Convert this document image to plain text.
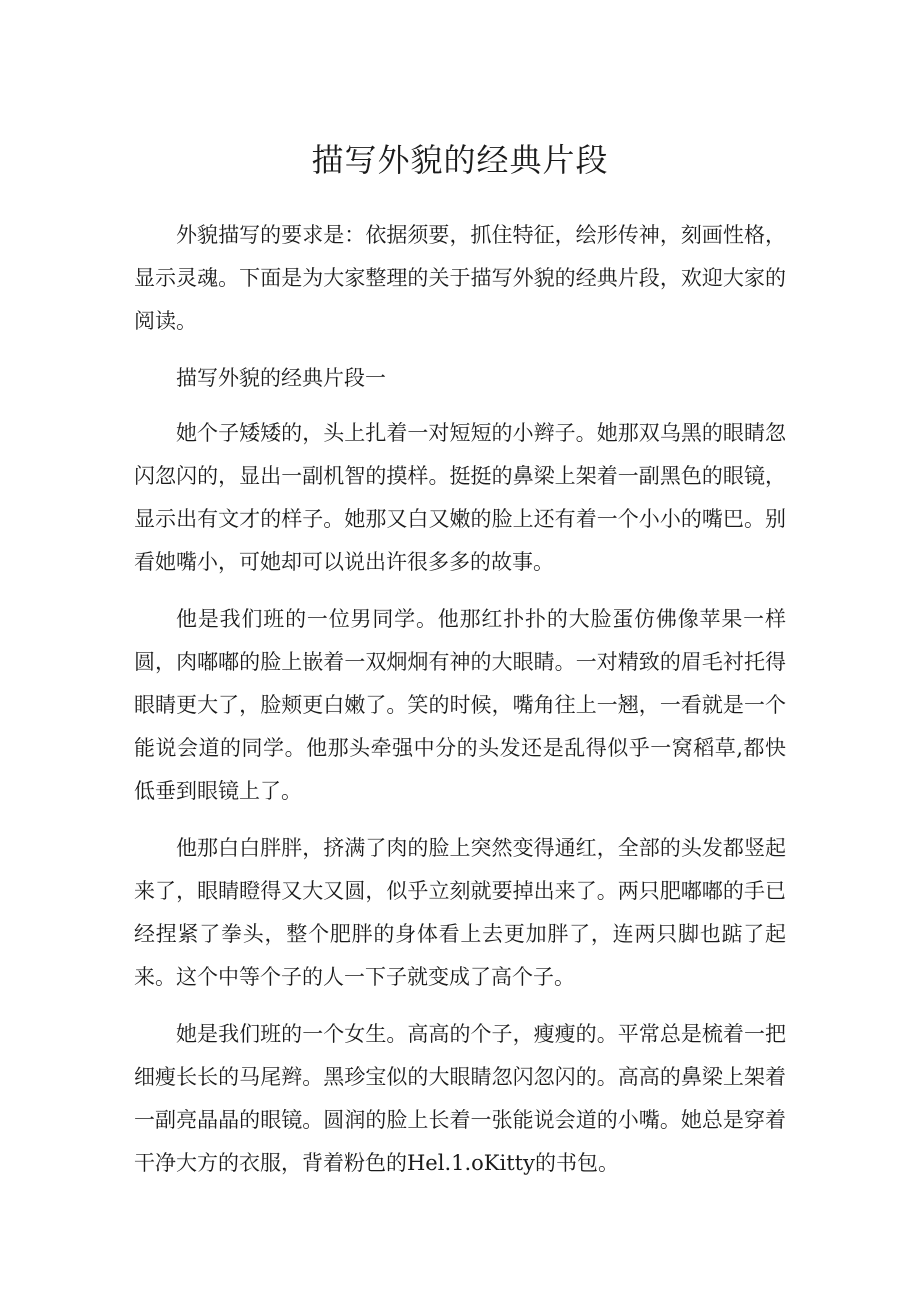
描写外貌的经典片段

外貌描写的要求是：依据须要，抓住特征，绘形传神，刻画性格，显示灵魂。下面是为大家整理的关于描写外貌的经典片段，欢迎大家的阅读。

描写外貌的经典片段一

她个子矮矮的，头上扎着一对短短的小辫子。她那双乌黑的眼睛忽闪忽闪的，显出一副机智的摸样。挺挺的鼻梁上架着一副黑色的眼镜，显示出有文才的样子。她那又白又嫩的脸上还有着一个小小的嘴巴。别看她嘴小，可她却可以说出许很多多的故事。

他是我们班的一位男同学。他那红扑扑的大脸蛋仿佛像苹果一样圆，肉嘟嘟的脸上嵌着一双炯炯有神的大眼睛。一对精致的眉毛衬托得眼睛更大了，脸颊更白嫩了。笑的时候，嘴角往上一翘，一看就是一个能说会道的同学。他那头牵强中分的头发还是乱得似乎一窝稻草,都快低垂到眼镜上了。

他那白白胖胖，挤满了肉的脸上突然变得通红，全部的头发都竖起来了，眼睛瞪得又大又圆，似乎立刻就要掉出来了。两只肥嘟嘟的手已经捏紧了拳头，整个肥胖的身体看上去更加胖了，连两只脚也踮了起来。这个中等个子的人一下子就变成了高个子。

她是我们班的一个女生。高高的个子，瘦瘦的。平常总是梳着一把细瘦长长的马尾辫。黑珍宝似的大眼睛忽闪忽闪的。高高的鼻梁上架着一副亮晶晶的眼镜。圆润的脸上长着一张能说会道的小嘴。她总是穿着干净大方的衣服，背着粉色的Hel.1.oKitty的书包。
